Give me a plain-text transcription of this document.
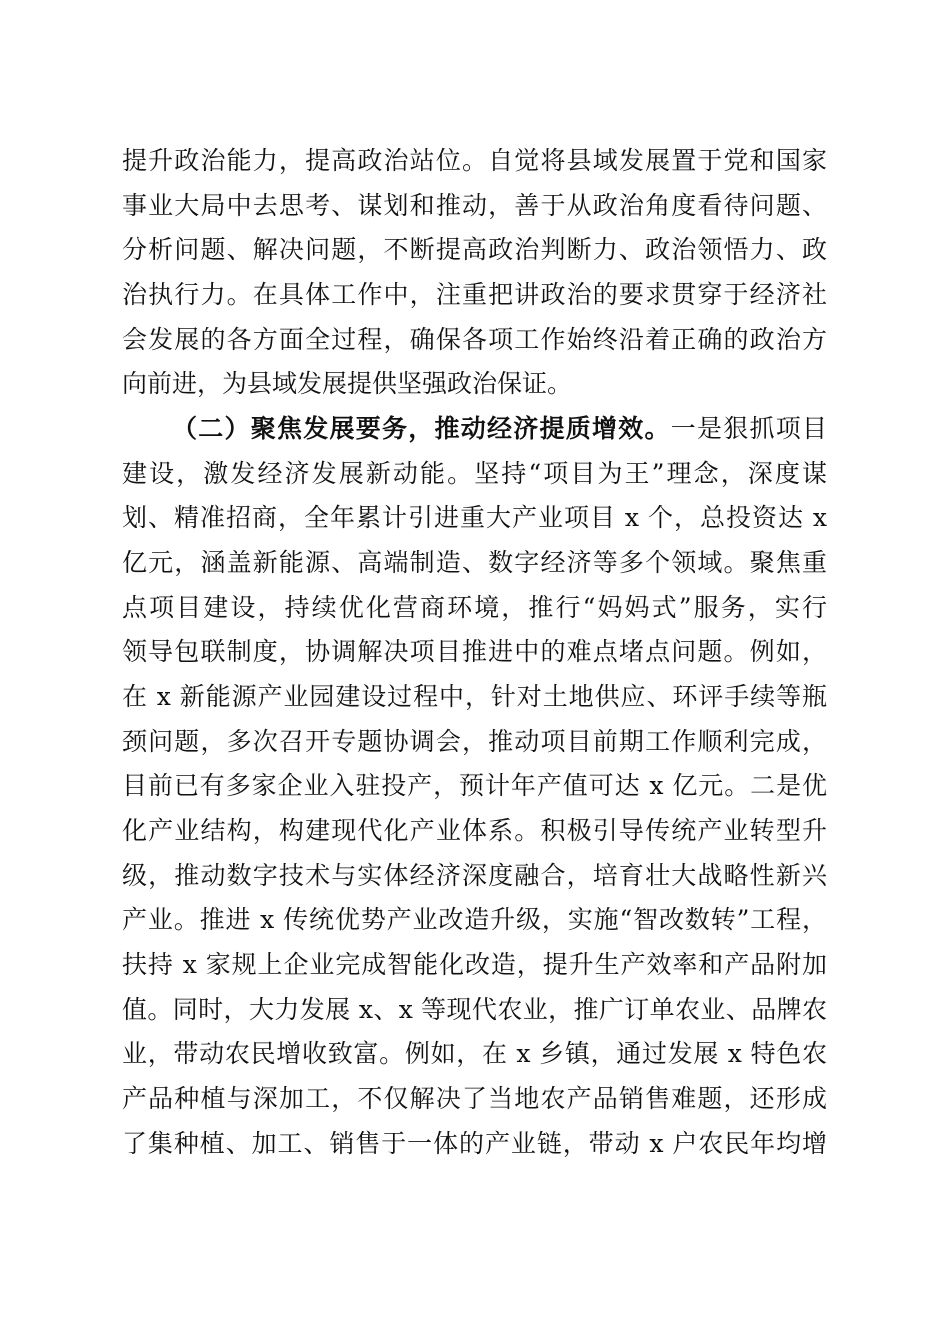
提升政治能力，提高政治站位。自觉将县域发展置于党和国家
事业大局中去思考、谋划和推动，善于从政治角度看待问题、
分析问题、解决问题，不断提高政治判断力、政治领悟力、政
治执行力。在具体工作中，注重把讲政治的要求贯穿于经济社
会发展的各方面全过程，确保各项工作始终沿着正确的政治方
向前进，为县域发展提供坚强政治保证。
（二）聚焦发展要务，推动经济提质增效。一是狠抓项目
建设，激发经济发展新动能。坚持“项目为王”理念，深度谋
划、精准招商，全年累计引进重大产业项目 x 个，总投资达 x
亿元，涵盖新能源、高端制造、数字经济等多个领域。聚焦重
点项目建设，持续优化营商环境，推行“妈妈式”服务，实行
领导包联制度，协调解决项目推进中的难点堵点问题。例如，
在 x 新能源产业园建设过程中，针对土地供应、环评手续等瓶
颈问题，多次召开专题协调会，推动项目前期工作顺利完成，
目前已有多家企业入驻投产，预计年产值可达 x 亿元。二是优
化产业结构，构建现代化产业体系。积极引导传统产业转型升
级，推动数字技术与实体经济深度融合，培育壮大战略性新兴
产业。推进 x 传统优势产业改造升级，实施“智改数转”工程，
扶持 x 家规上企业完成智能化改造，提升生产效率和产品附加
值。同时，大力发展 x、x 等现代农业，推广订单农业、品牌农
业，带动农民增收致富。例如，在 x 乡镇，通过发展 x 特色农
产品种植与深加工，不仅解决了当地农产品销售难题，还形成
了集种植、加工、销售于一体的产业链，带动 x 户农民年均增
